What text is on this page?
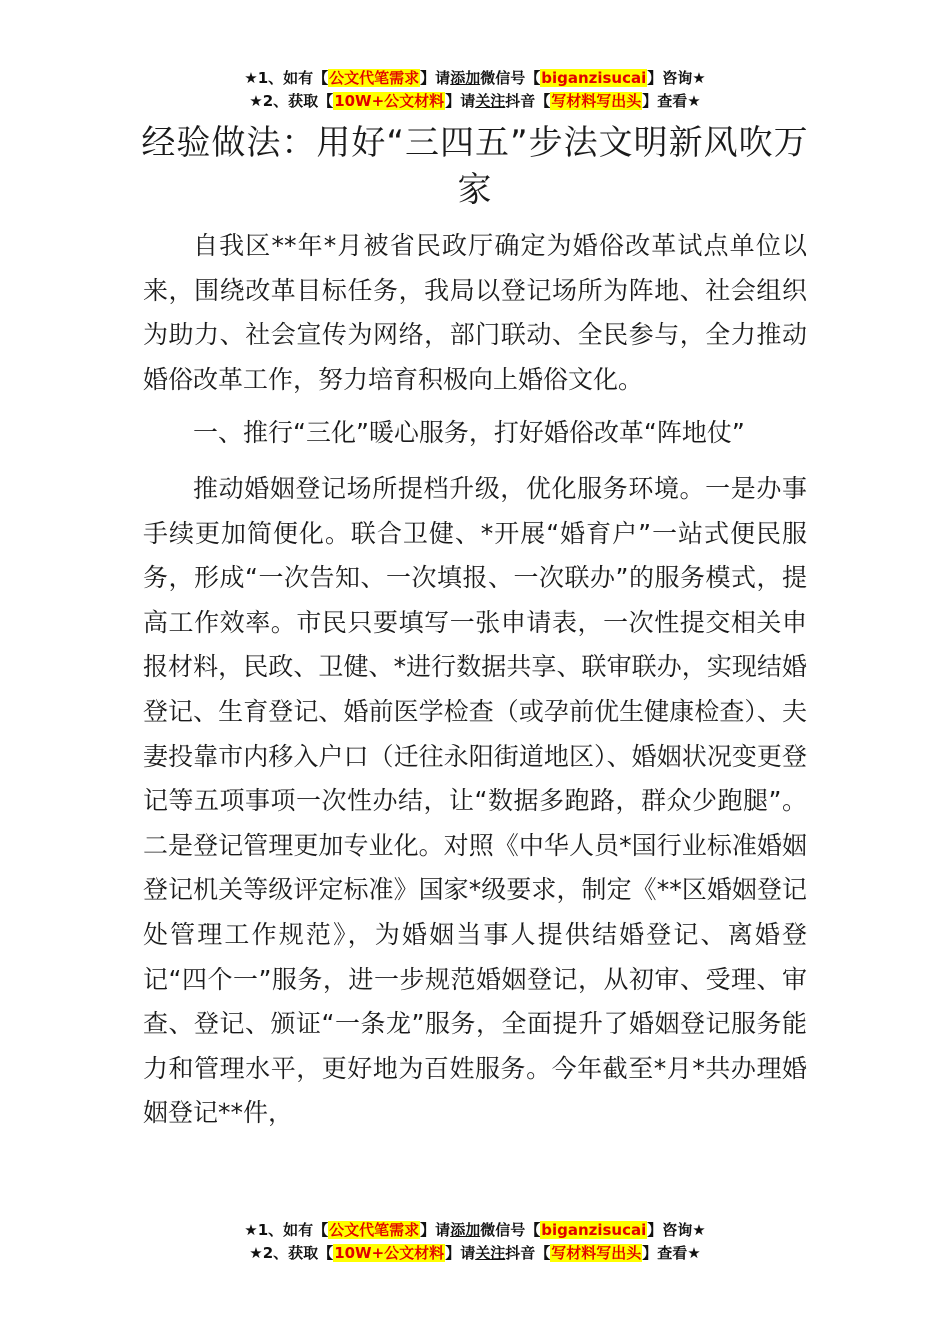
★1、如有【公文代笔需求】请添加微信号【biganzisucai】咨询★
★2、获取【10W+公文材料】请关注抖音【写材料写出头】查看★
经验做法：用好“三四五”步法文明新风吹万家

自我区**年*月被省民政厅确定为婚俗改革试点单位以来，围绕改革目标任务，我局以登记场所为阵地、社会组织为助力、社会宣传为网络，部门联动、全民参与，全力推动婚俗改革工作，努力培育积极向上婚俗文化。

一、推行“三化”暖心服务，打好婚俗改革“阵地仗”

推动婚姻登记场所提档升级，优化服务环境。一是办事手续更加简便化。联合卫健、*开展“婚育户”一站式便民服务，形成“一次告知、一次填报、一次联办”的服务模式，提高工作效率。市民只要填写一张申请表，一次性提交相关申报材料，民政、卫健、*进行数据共享、联审联办，实现结婚登记、生育登记、婚前医学检查（或孕前优生健康检查）、夫妻投靠市内移入户口（迁往永阳街道地区）、婚姻状况变更登记等五项事项一次性办结，让“数据多跑路，群众少跑腿”。二是登记管理更加专业化。对照《中华人员*国行业标准婚姻登记机关等级评定标准》国家*级要求，制定《**区婚姻登记处管理工作规范》，为婚姻当事人提供结婚登记、离婚登记“四个一”服务，进一步规范婚姻登记，从初审、受理、审查、登记、颁证“一条龙”服务，全面提升了婚姻登记服务能力和管理水平，更好地为百姓服务。今年截至*月*共办理婚姻登记**件，

★1、如有【公文代笔需求】请添加微信号【biganzisucai】咨询★
★2、获取【10W+公文材料】请关注抖音【写材料写出头】查看★
